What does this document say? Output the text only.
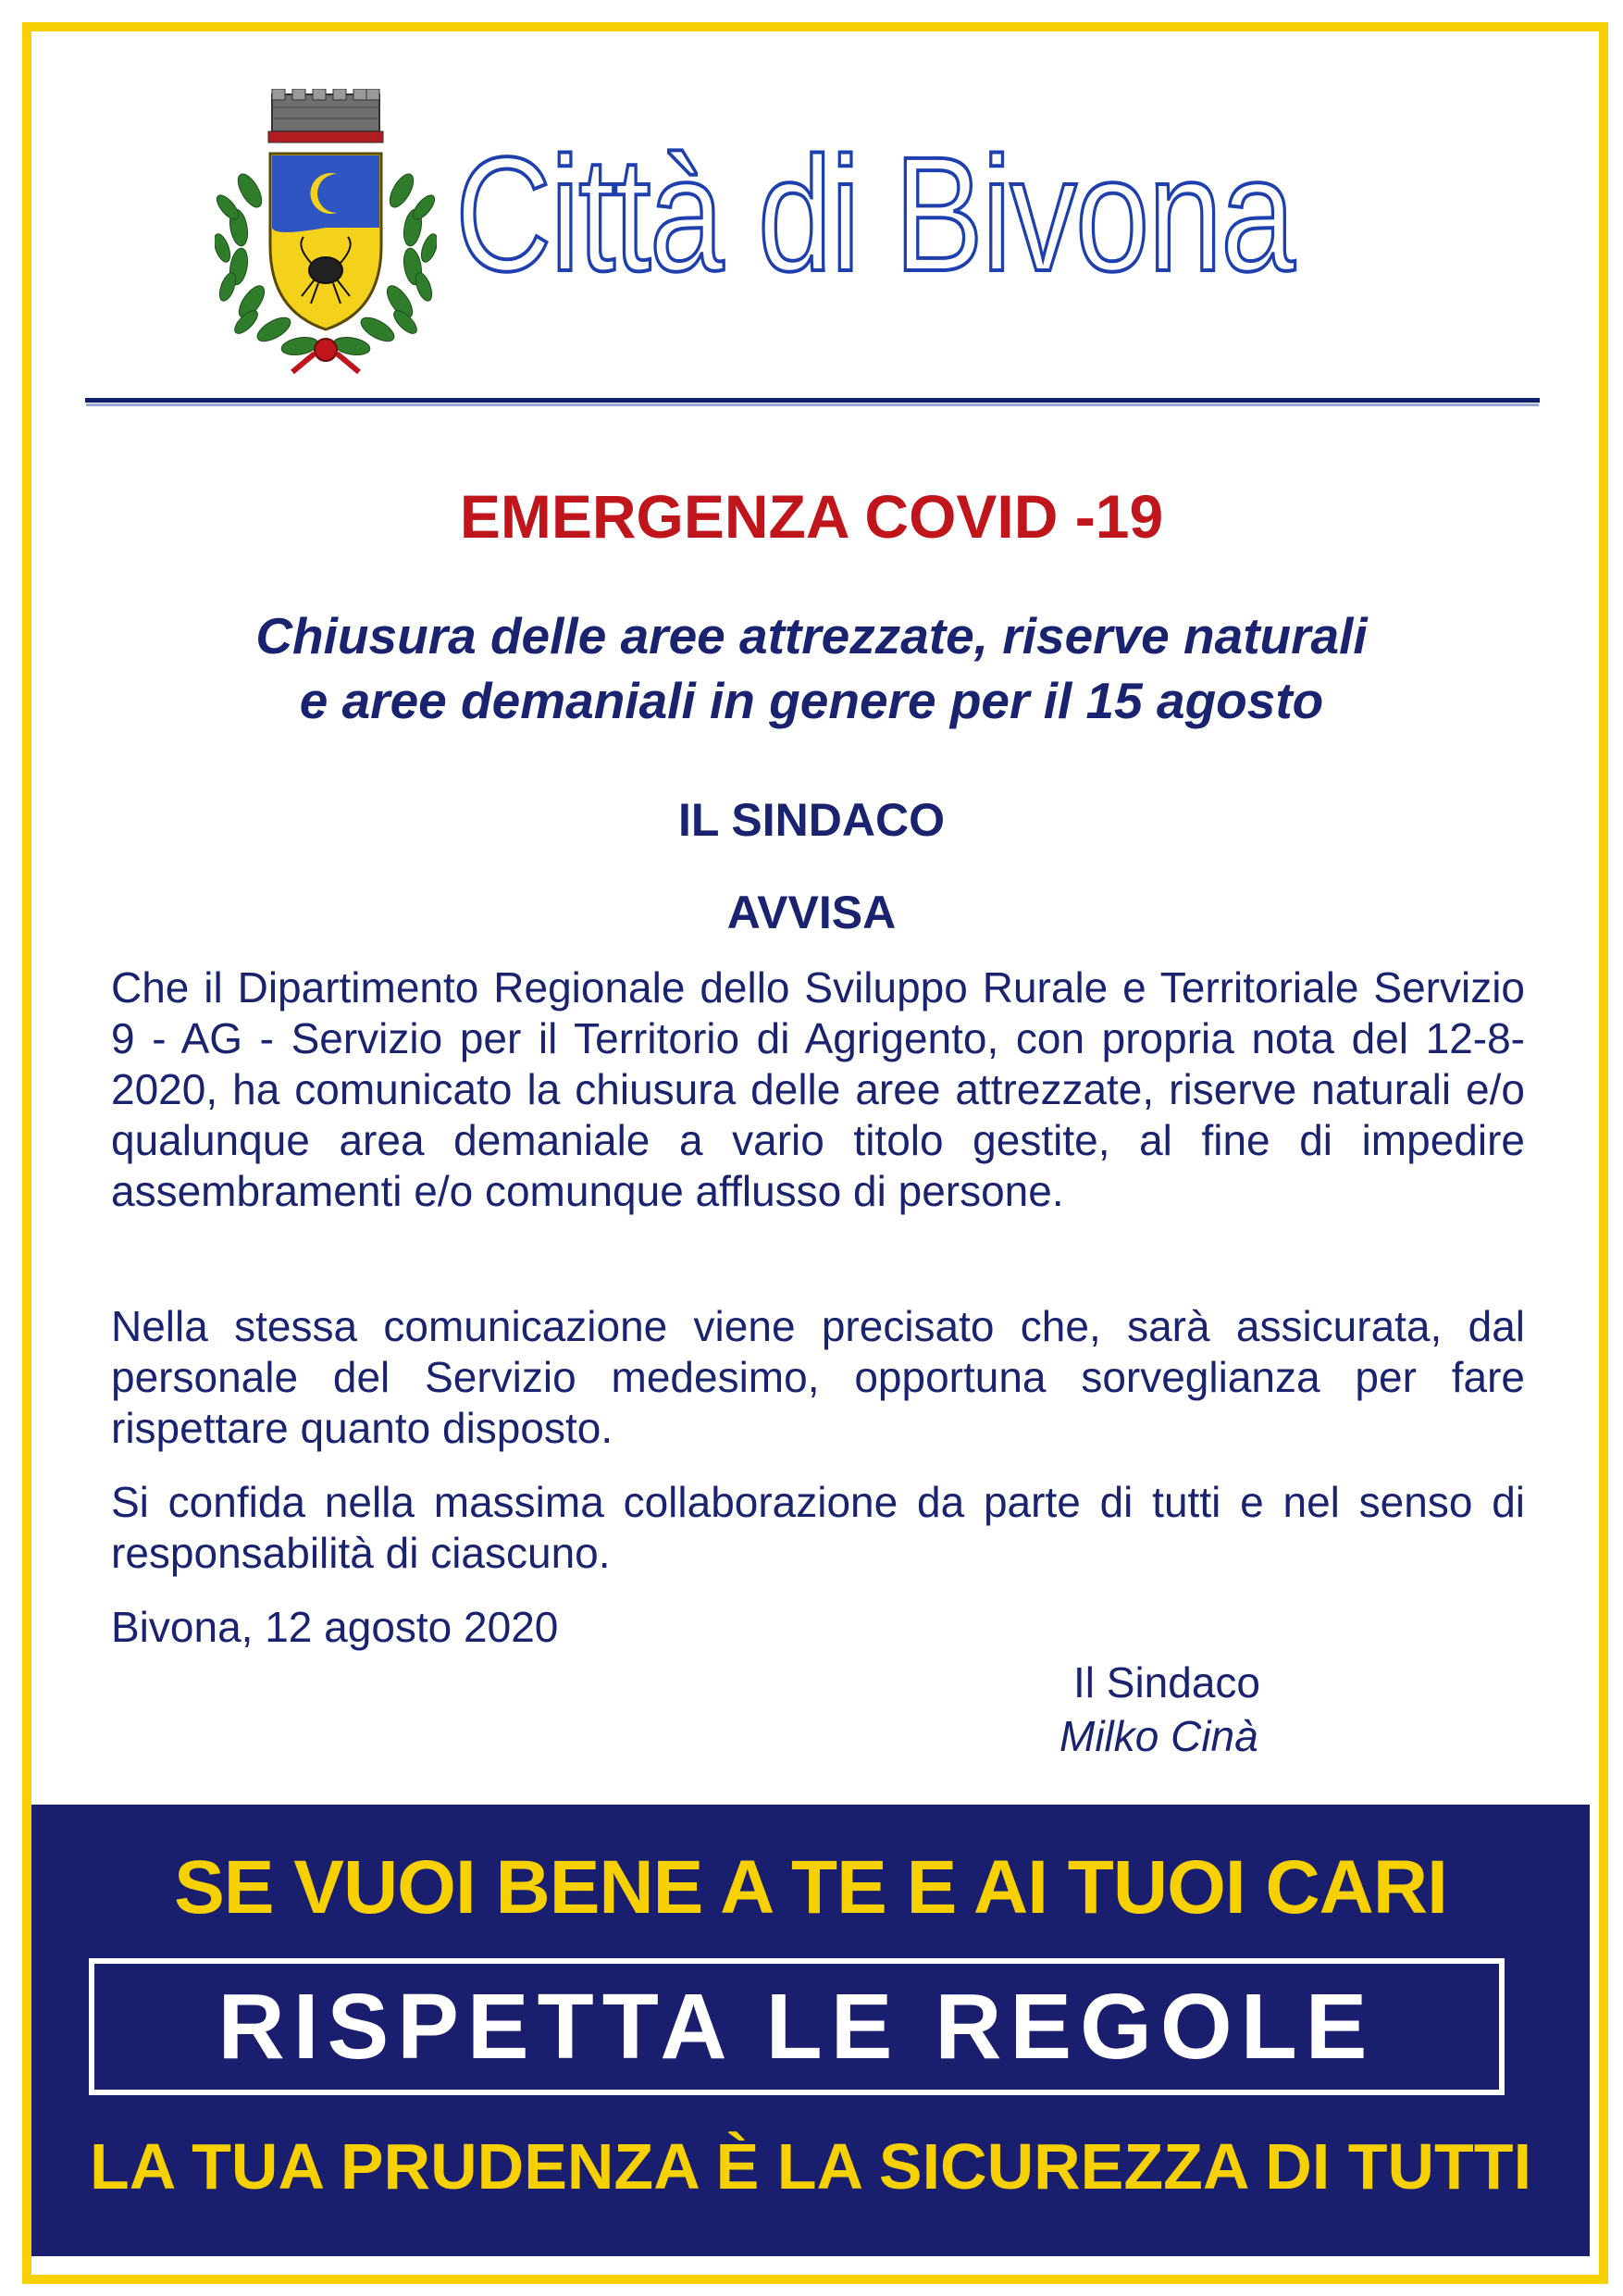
Città di Bivona
EMERGENZA COVID -19
Chiusura delle aree attrezzate, riserve naturali
e aree demaniali in genere per il 15 agosto
IL SINDACO
AVVISA

Che il Dipartimento Regionale dello Sviluppo Rurale e Territoriale Servizio 9 - AG - Servizio per il Territorio di Agrigento, con propria nota del 12-8-2020, ha comunicato la chiusura delle aree attrezzate, riserve naturali e/o qualunque area demaniale a vario titolo gestite, al fine di impedire assembramenti e/o comunque afflusso di persone.

Nella stessa comunicazione viene precisato che, sarà assicurata, dal personale del Servizio medesimo, opportuna sorveglianza per fare rispettare quanto disposto.

Si confida nella massima collaborazione da parte di tutti e nel senso di responsabilità di ciascuno.

Bivona, 12 agosto 2020
Il Sindaco
Milko Cinà
SE VUOI BENE A TE E AI TUOI CARI
RISPETTA LE REGOLE
LA TUA PRUDENZA È LA SICUREZZA DI TUTTI
